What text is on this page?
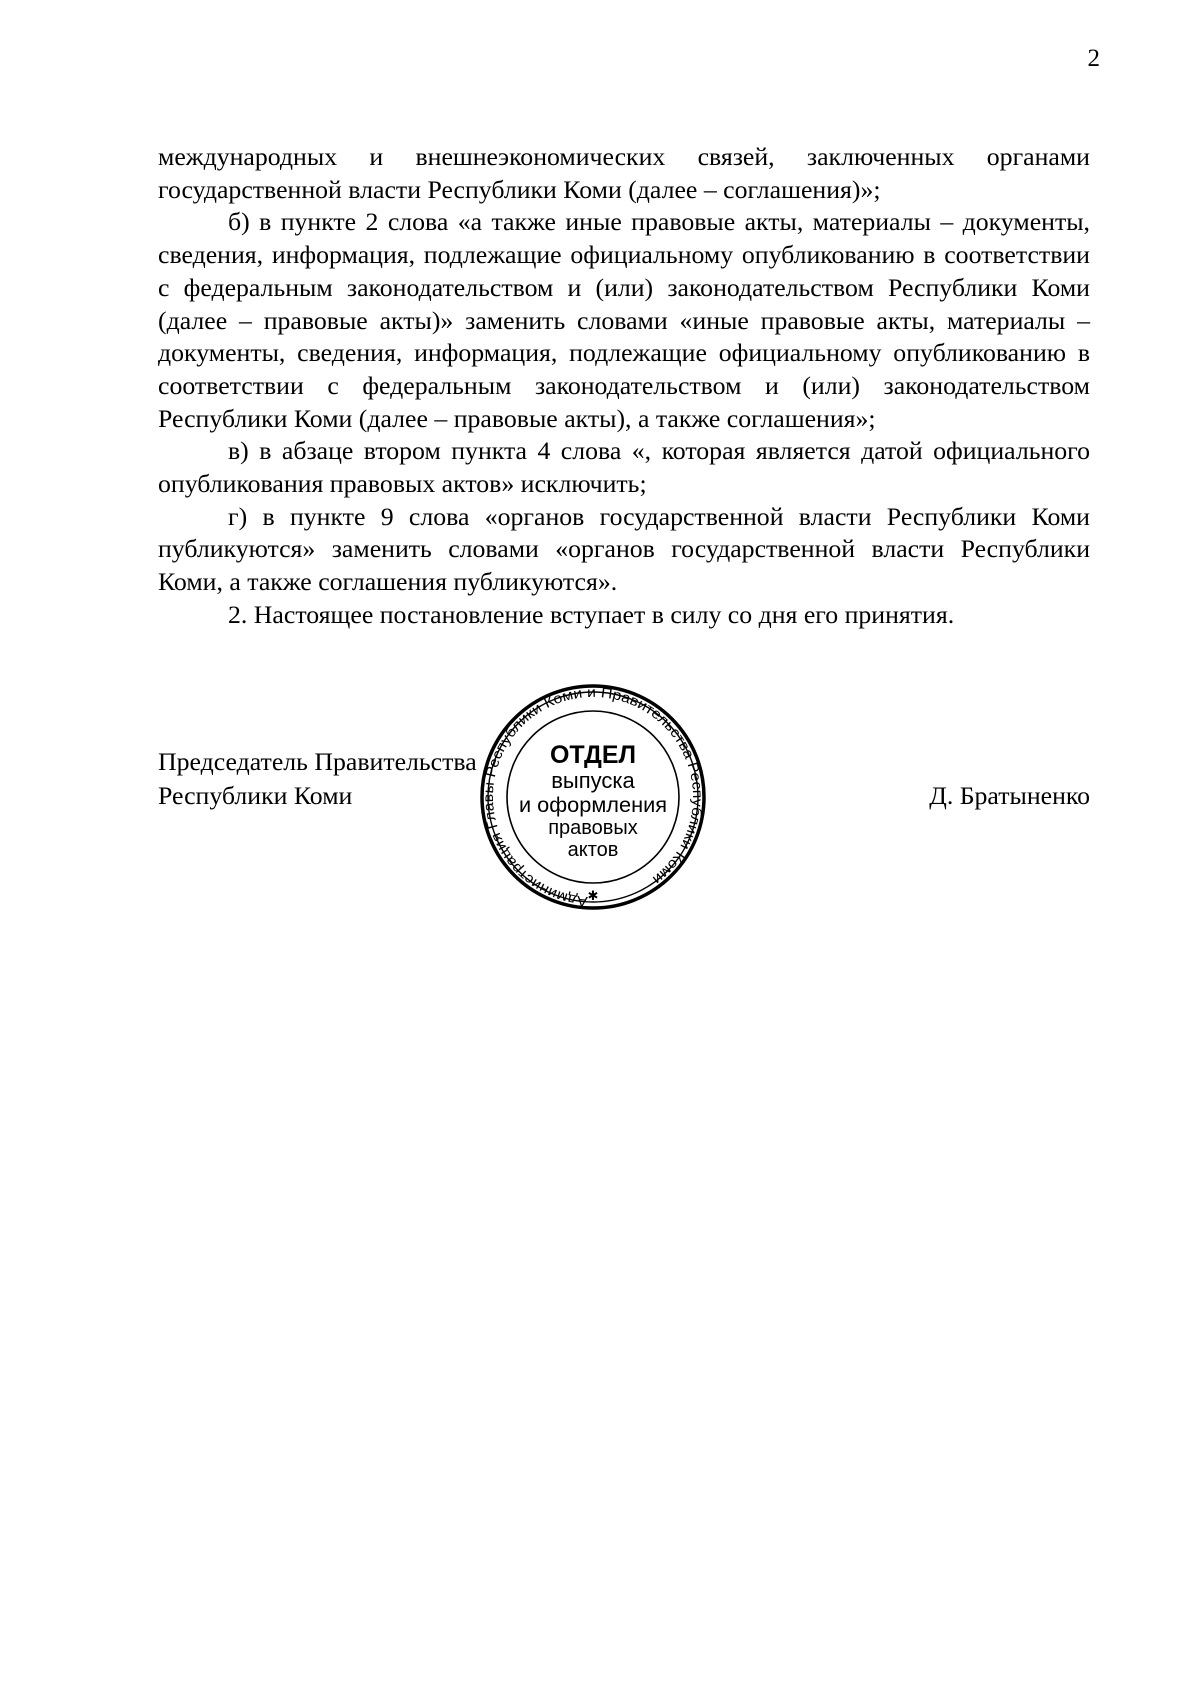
2

международных и внешнеэкономических связей, заключенных органами государственной власти Республики Коми (далее – соглашения)»;

б) в пункте 2 слова «а также иные правовые акты, материалы – документы, сведения, информация, подлежащие официальному опубликованию в соответствии с федеральным законодательством и (или) законодательством Республики Коми (далее – правовые акты)» заменить словами «иные правовые акты, материалы – документы, сведения, информация, подлежащие официальному опубликованию в соответствии с федеральным законодательством и (или) законодательством Республики Коми (далее – правовые акты), а также соглашения»;

в) в абзаце втором пункта 4 слова «, которая является датой официального опубликования правовых актов» исключить;

г) в пункте 9 слова «органов государственной власти Республики Коми публикуются» заменить словами «органов государственной власти Республики Коми, а также соглашения публикуются».

2. Настоящее постановление вступает в силу со дня его принятия.

Председатель Правительства
Республики Коми	Д. Братыненко
Администрация Главы Республики Коми и Правительства Республики Коми
✱
ОТДЕЛ
выпуска
и оформления
правовых
актов
